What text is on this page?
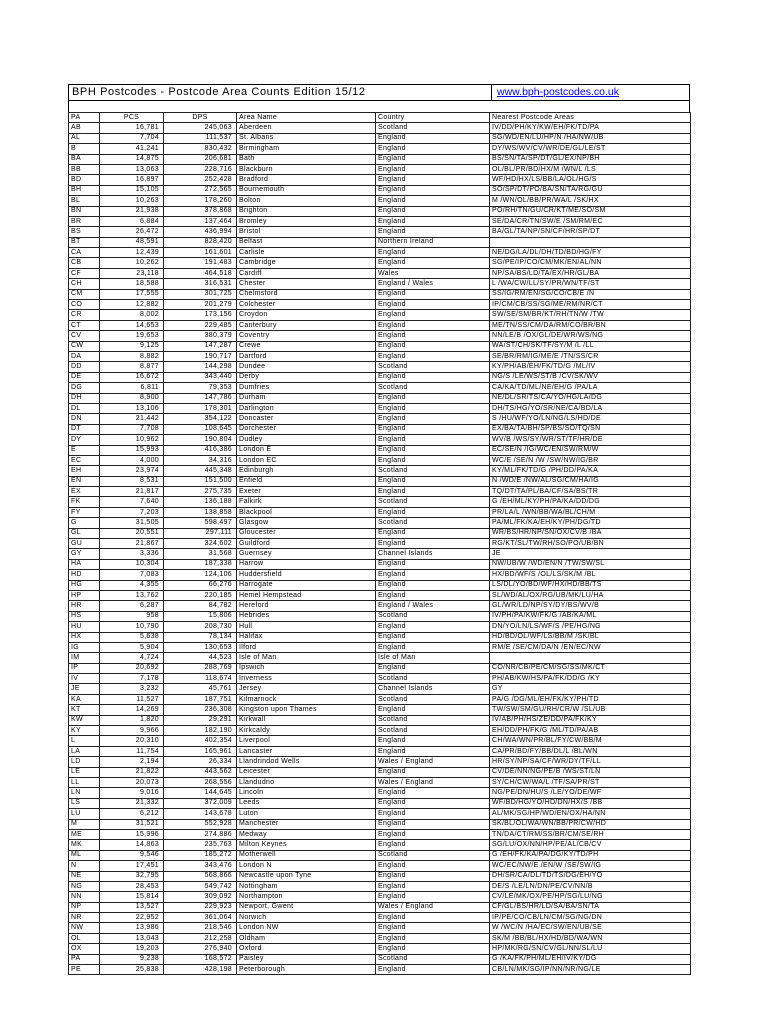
BPH Postcodes - Postcode Area Counts Edition 15/12	www.bph-postcodes.co.uk
PA	PCS	DPS	Area Name	Country	Nearest Postcode Areas
AB	16,781	245,063	Aberdeen	Scotland	IV/DD/PH/KY/KW/EH/FK/TD/PA
AL	7,704	111,537	St. Albans	England	SG/WD/EN/LU/HP/N /HA/NW/UB
B	41,241	830,432	Birmingham	England	DY/WS/WV/CV/WR/DE/GL/LE/ST
BA	14,875	206,681	Bath	England	BS/SN/TA/SP/DT/GL/EX/NP/BH
BB	13,063	228,716	Blackburn	England	OL/BL/PR/BD/HX/M /WN/L /LS
BD	16,897	252,428	Bradford	England	WF/HD/HX/LS/BB/LA/OL/HG/S
BH	15,105	272,565	Bournemouth	England	SO/SP/DT/PO/BA/SN/TA/RG/GU
BL	10,263	178,260	Bolton	England	M /WN/OL/BB/PR/WA/L /SK/HX
BN	21,938	378,868	Brighton	England	PO/RH/TN/GU/CR/KT/ME/SO/SM
BR	6,884	137,464	Bromley	England	SE/DA/CR/TN/SW/E /SM/RM/EC
BS	26,472	436,994	Bristol	England	BA/GL/TA/NP/SN/CF/HR/SP/DT
BT	48,591	828,420	Belfast	Northern Ireland	
CA	12,439	161,601	Carlisle	England	NE/DG/LA/DL/DH/TD/BD/HG/FY
CB	10,262	191,483	Cambridge	England	SG/PE/IP/CO/CM/MK/EN/AL/NN
CF	23,118	464,518	Cardiff	Wales	NP/SA/BS/LD/TA/EX/HR/GL/BA
CH	18,588	316,531	Chester	England / Wales	L /WA/CW/LL/SY/PR/WN/TF/ST
CM	17,555	301,725	Chelmsford	England	SS/IG/RM/EN/SG/CO/CB/E /N
CO	12,882	201,279	Colchester	England	IP/CM/CB/SS/SG/ME/RM/NR/CT
CR	8,002	173,156	Croydon	England	SW/SE/SM/BR/KT/RH/TN/W /TW
CT	14,653	229,485	Canterbury	England	ME/TN/SS/CM/DA/RM/CO/BR/BN
CV	19,653	380,379	Coventry	England	NN/LE/B /OX/GL/DE/WR/WS/NG
CW	9,125	147,287	Crewe	England	WA/ST/CH/SK/TF/SY/M /L /LL
DA	8,882	190,717	Dartford	England	SE/BR/RM/IG/ME/E /TN/SS/CR
DD	8,877	144,298	Dundee	Scotland	KY/PH/AB/EH/FK/TD/G /ML/IV
DE	16,672	343,440	Derby	England	NG/S /LE/WS/ST/B /CV/SK/WV
DG	6,811	79,353	Dumfries	Scotland	CA/KA/TD/ML/NE/EH/G /PA/LA
DH	8,900	147,786	Durham	England	NE/DL/SR/TS/CA/YO/HG/LA/DG
DL	13,106	178,301	Darlington	England	DH/TS/HG/YO/SR/NE/CA/BD/LA
DN	21,442	354,122	Doncaster	England	S /HU/WF/YO/LN/NG/LS/HD/DE
DT	7,708	108,645	Dorchester	England	EX/BA/TA/BH/SP/BS/SO/TQ/SN
DY	10,962	190,804	Dudley	England	WV/B /WS/SY/WR/ST/TF/HR/DE
E	15,993	416,386	London E	England	EC/SE/N /IG/WC/EN/SW/RM/W
EC	4,000	34,316	London EC	England	WC/E /SE/N /W /SW/NW/IG/BR
EH	23,974	445,348	Edinburgh	Scotland	KY/ML/FK/TD/G /PH/DD/PA/KA
EN	8,531	151,500	Enfield	England	N /WD/E /NW/AL/SG/CM/HA/IG
EX	21,817	275,735	Exeter	England	TQ/DT/TA/PL/BA/CF/SA/BS/TR
FK	7,640	136,188	Falkirk	Scotland	G /EH/ML/KY/PH/PA/KA/DD/DG
FY	7,203	138,858	Blackpool	England	PR/LA/L /WN/BB/WA/BL/CH/M
G	31,505	598,497	Glasgow	Scotland	PA/ML/FK/KA/EH/KY/PH/DG/TD
GL	20,551	297,111	Gloucester	England	WR/BS/HR/NP/SN/OX/CV/B /BA
GU	21,867	324,602	Guildford	England	RG/KT/SL/TW/RH/SO/PO/UB/BN
GY	3,336	31,568	Guernsey	Channel Islands	JE
HA	10,304	187,338	Harrow	England	NW/UB/W /WD/EN/N /TW/SW/SL
HD	7,083	124,106	Huddersfield	England	HX/BD/WF/S /OL/LS/SK/M /BL
HG	4,355	66,276	Harrogate	England	LS/DL/YO/BD/WF/HX/HD/BB/TS
HP	13,762	220,185	Hemel Hempstead	England	SL/WD/AL/OX/RG/UB/MK/LU/HA
HR	6,287	84,782	Hereford	England / Wales	GL/WR/LD/NP/SY/DY/BS/WV/B
HS	958	15,806	Hebrides	Scotland	IV/PH/PA/KW/FK/G /AB/KA/ML
HU	10,790	208,730	Hull	England	DN/YO/LN/LS/WF/S /PE/HG/NG
HX	5,638	78,134	Halifax	England	HD/BD/OL/WF/LS/BB/M /SK/BL
IG	5,904	130,653	Ilford	England	RM/E /SE/CM/DA/N /EN/EC/NW
IM	4,724	44,523	Isle of Man	Isle of Man	
IP	20,692	288,769	Ipswich	England	CO/NR/CB/PE/CM/SG/SS/MK/CT
IV	7,178	118,674	Inverness	Scotland	PH/AB/KW/HS/PA/FK/DD/G /KY
JE	3,232	45,761	Jersey	Channel Islands	GY
KA	11,527	187,751	Kilmarnock	Scotland	PA/G /DG/ML/EH/FK/KY/PH/TD
KT	14,269	236,308	Kingston upon Thames	England	TW/SW/SM/GU/RH/CR/W /SL/UB
KW	1,820	29,291	Kirkwall	Scotland	IV/AB/PH/HS/ZE/DD/PA/FK/KY
KY	9,966	182,190	Kirkcaldy	Scotland	EH/DD/PH/FK/G /ML/TD/PA/AB
L	20,310	402,354	Liverpool	England	CH/WA/WN/PR/BL/FY/CW/BB/M
LA	11,754	165,961	Lancaster	England	CA/PR/BD/FY/BB/DL/L /BL/WN
LD	2,194	26,334	Llandrindod Wells	Wales / England	HR/SY/NP/SA/CF/WR/DY/TF/LL
LE	21,822	443,562	Leicester	England	CV/DE/NN/NG/PE/B /WS/ST/LN
LL	20,073	268,556	Llandudno	Wales / England	SY/CH/CW/WA/L /TF/SA/PR/ST
LN	9,016	144,645	Lincoln	England	NG/PE/DN/HU/S /LE/YO/DE/WF
LS	21,332	372,009	Leeds	England	WF/BD/HG/YO/HD/DN/HX/S /BB
LU	6,212	143,678	Luton	England	AL/MK/SG/HP/WD/EN/OX/HA/NN
M	31,521	552,928	Manchester	England	SK/BL/OL/WA/WN/BB/PR/CW/HD
ME	15,996	274,886	Medway	England	TN/DA/CT/RM/SS/BR/CM/SE/RH
MK	14,863	235,763	Milton Keynes	England	SG/LU/OX/NN/HP/PE/AL/CB/CV
ML	9,546	185,272	Motherwell	Scotland	G /EH/FK/KA/PA/DG/KY/TD/PH
N	17,451	343,476	London N	England	WC/EC/NW/E /EN/W /SE/SW/IG
NE	32,795	568,866	Newcastle upon Tyne	England	DH/SR/CA/DL/TD/TS/DG/EH/YO
NG	28,453	549,742	Nottingham	England	DE/S /LE/LN/DN/PE/CV/NN/B
NN	15,814	309,092	Northampton	England	CV/LE/MK/OX/PE/HP/SG/LU/NG
NP	13,527	229,923	Newport, Gwent	Wales / England	CF/GL/BS/HR/LD/SA/BA/SN/TA
NR	22,952	361,064	Norwich	England	IP/PE/CO/CB/LN/CM/SG/NG/DN
NW	13,986	218,546	London NW	England	W /WC/N /HA/EC/SW/EN/UB/SE
OL	13,043	212,258	Oldham	England	SK/M /BB/BL/HX/HD/BD/WA/WN
OX	19,203	276,940	Oxford	England	HP/MK/RG/SN/CV/GL/NN/SL/LU
PA	9,238	168,572	Paisley	Scotland	G /KA/FK/PH/ML/EH/IV/KY/DG
PE	25,838	428,198	Peterborough	England	CB/LN/MK/SG/IP/NN/NR/NG/LE
